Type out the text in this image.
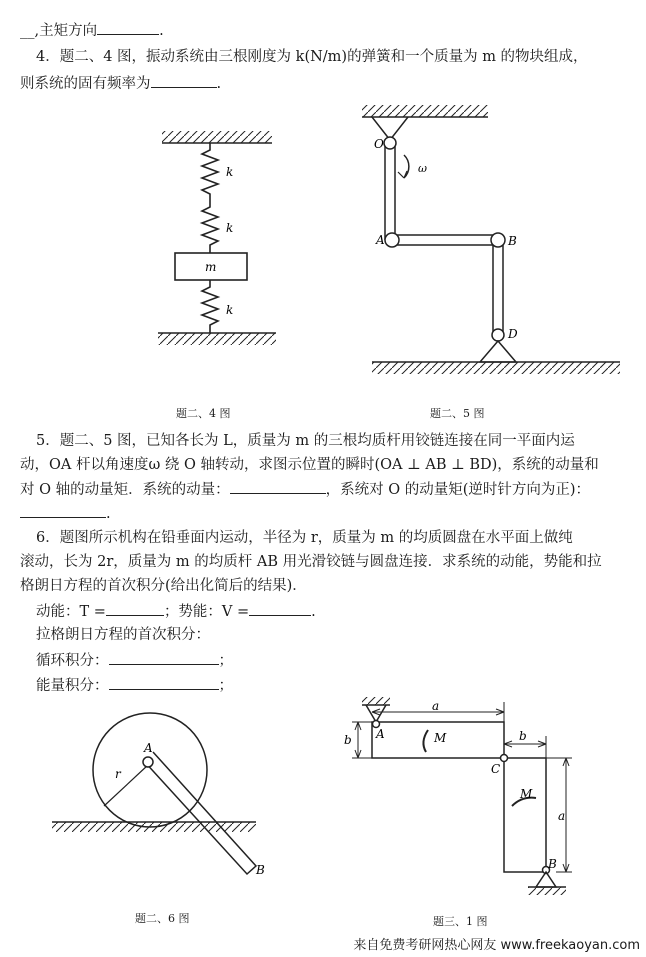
__,主矩方向	.
4．题二、4 图，振动系统由三根刚度为 k(N/m)的弹簧和一个质量为 m 的物块组成，
则系统的固有频率为	.
5．题二、5 图，已知各长为 L，质量为 m 的三根均质杆用铰链连接在同一平面内运
动，OA 杆以角速度ω 绕 O 轴转动，求图示位置的瞬时(OA ⊥ AB ⊥ BD)，系统的动量和
对 O 轴的动量矩．系统的动量：	，系统对 O 的动量矩(逆时针方向为正)：
.
6．题图所示机构在铅垂面内运动，半径为 r，质量为 m 的均质圆盘在水平面上做纯
滚动，长为 2r，质量为 m 的均质杆 AB 用光滑铰链与圆盘连接．求系统的动能，势能和拉
格朗日方程的首次积分(给出化简后的结果)．
动能：T =	；势能：V =	.
拉格朗日方程的首次积分：
循环积分：	；
能量积分：	；
题二、4 图	题二、5 图
题二、6 图	题三、1 图
来自免费考研网热心网友 www.freekaoyan.com
k
k
m
k
O
ω
A	B
D
A
r
B
a
b A	M	b
C
M
a
B
